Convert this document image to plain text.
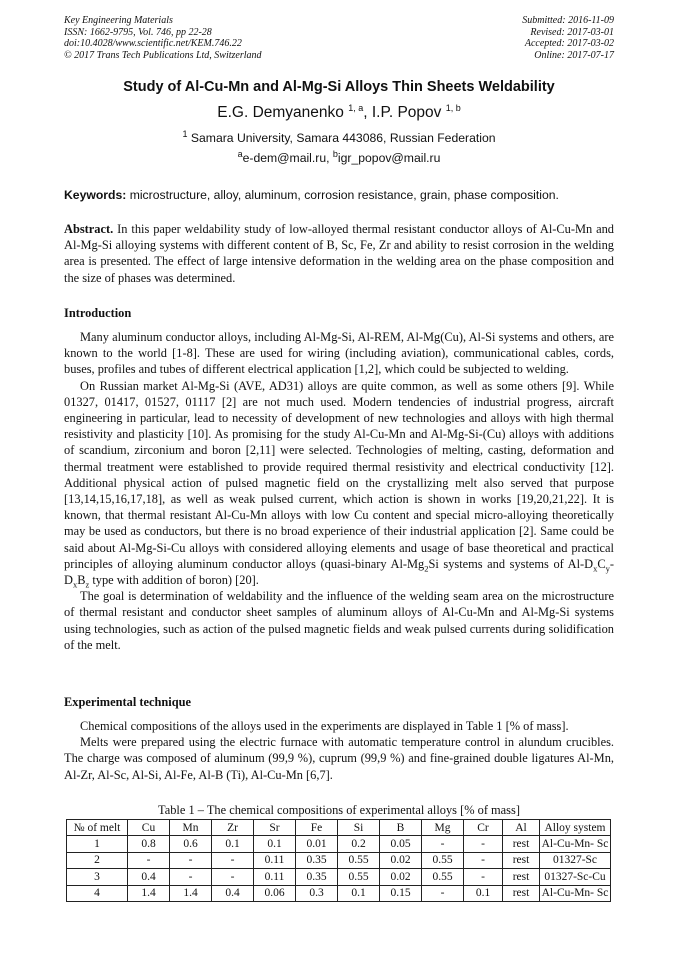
Key Engineering Materials
ISSN: 1662-9795, Vol. 746, pp 22-28
doi:10.4028/www.scientific.net/KEM.746.22
© 2017 Trans Tech Publications Ltd, Switzerland
Submitted: 2016-11-09
Revised: 2017-03-01
Accepted: 2017-03-02
Online: 2017-07-17
Study of Al-Cu-Mn and Al-Mg-Si Alloys Thin Sheets Weldability
E.G. Demyanenko $^{1, a}$, I.P. Popov $^{1, b}$
$^1$ Samara University, Samara 443086, Russian Federation
$^a$e-dem@mail.ru, $^b$igr_popov@mail.ru
Keywords: microstructure, alloy, aluminum, corrosion resistance, grain, phase composition.

Abstract. In this paper weldability study of low-alloyed thermal resistant conductor alloys of Al-Cu-Mn and Al-Mg-Si alloying systems with different content of B, Sc, Fe, Zr and ability to resist corrosion in the welding area is presented. The effect of large intensive deformation in the welding area on the phase composition and the size of phases was determined.

Introduction

Many aluminum conductor alloys, including Al-Mg-Si, Al-REM, Al-Mg(Cu), Al-Si systems and others, are known to the world [1-8]. These are used for wiring (including aviation), communicational cables, cords, buses, profiles and tubes of different electrical application [1,2], which could be subjected to welding.

On Russian market Al-Mg-Si (AVE, AD31) alloys are quite common, as well as some others [9]. While 01327, 01417, 01527, 01117 [2] are not much used. Modern tendencies of industrial progress, aircraft engineering in particular, lead to necessity of development of new technologies and alloys with high thermal resistivity and plasticity [10]. As promising for the study Al-Cu-Mn and Al-Mg-Si-(Cu) alloys with additions of scandium, zirconium and boron [2,11] were selected. Technologies of melting, casting, deformation and thermal treatment were established to provide required thermal resistivity and electrical conductivity [12]. Additional physical action of pulsed magnetic field on the crystallizing melt also served that purpose [13,14,15,16,17,18], as well as weak pulsed current, which action is shown in works [19,20,21,22]. It is known, that thermal resistant Al-Cu-Mn alloys with low Cu content and special micro-alloying theoretically may be used as conductors, but there is no broad experience of their industrial application [2]. Same could be said about Al-Mg-Si-Cu alloys with considered alloying elements and usage of base theoretical and practical principles of alloying aluminum conductor alloys (quasi-binary $Al-Mg_2Si$ systems and systems of $Al-D_xC_y-D_xB_z$ type with addition of boron) [20].

The goal is determination of weldability and the influence of the welding seam area on the microstructure of thermal resistant and conductor sheet samples of aluminum alloys of Al-Cu-Mn and Al-Mg-Si systems using technologies, such as action of the pulsed magnetic fields and weak pulsed currents during solidification of the melt.

Experimental technique

Chemical compositions of the alloys used in the experiments are displayed in Table 1 [% of mass].

Melts were prepared using the electric furnace with automatic temperature control in alundum crucibles. The charge was composed of aluminum (99,9 %), cuprum (99,9 %) and fine-grained double ligatures Al-Mn, Al-Zr, Al-Sc, Al-Si, Al-Fe, Al-B (Ti), Al-Cu-Mn [6,7].

Table 1 – The chemical compositions of experimental alloys [% of mass]
№ of melt	Cu	Mn	Zr	Sr	Fe	Si	B	Mg	Cr	Al	Alloy system
1	0.8	0.6	0.1	0.1	0.01	0.2	0.05	-	-	rest	Al-Cu-Mn- Sc
2	-	-	-	0.11	0.35	0.55	0.02	0.55	-	rest	01327-Sc
3	0.4	-	-	0.11	0.35	0.55	0.02	0.55	-	rest	01327-Sc-Cu
4	1.4	1.4	0.4	0.06	0.3	0.1	0.15	-	0.1	rest	Al-Cu-Mn- Sc
